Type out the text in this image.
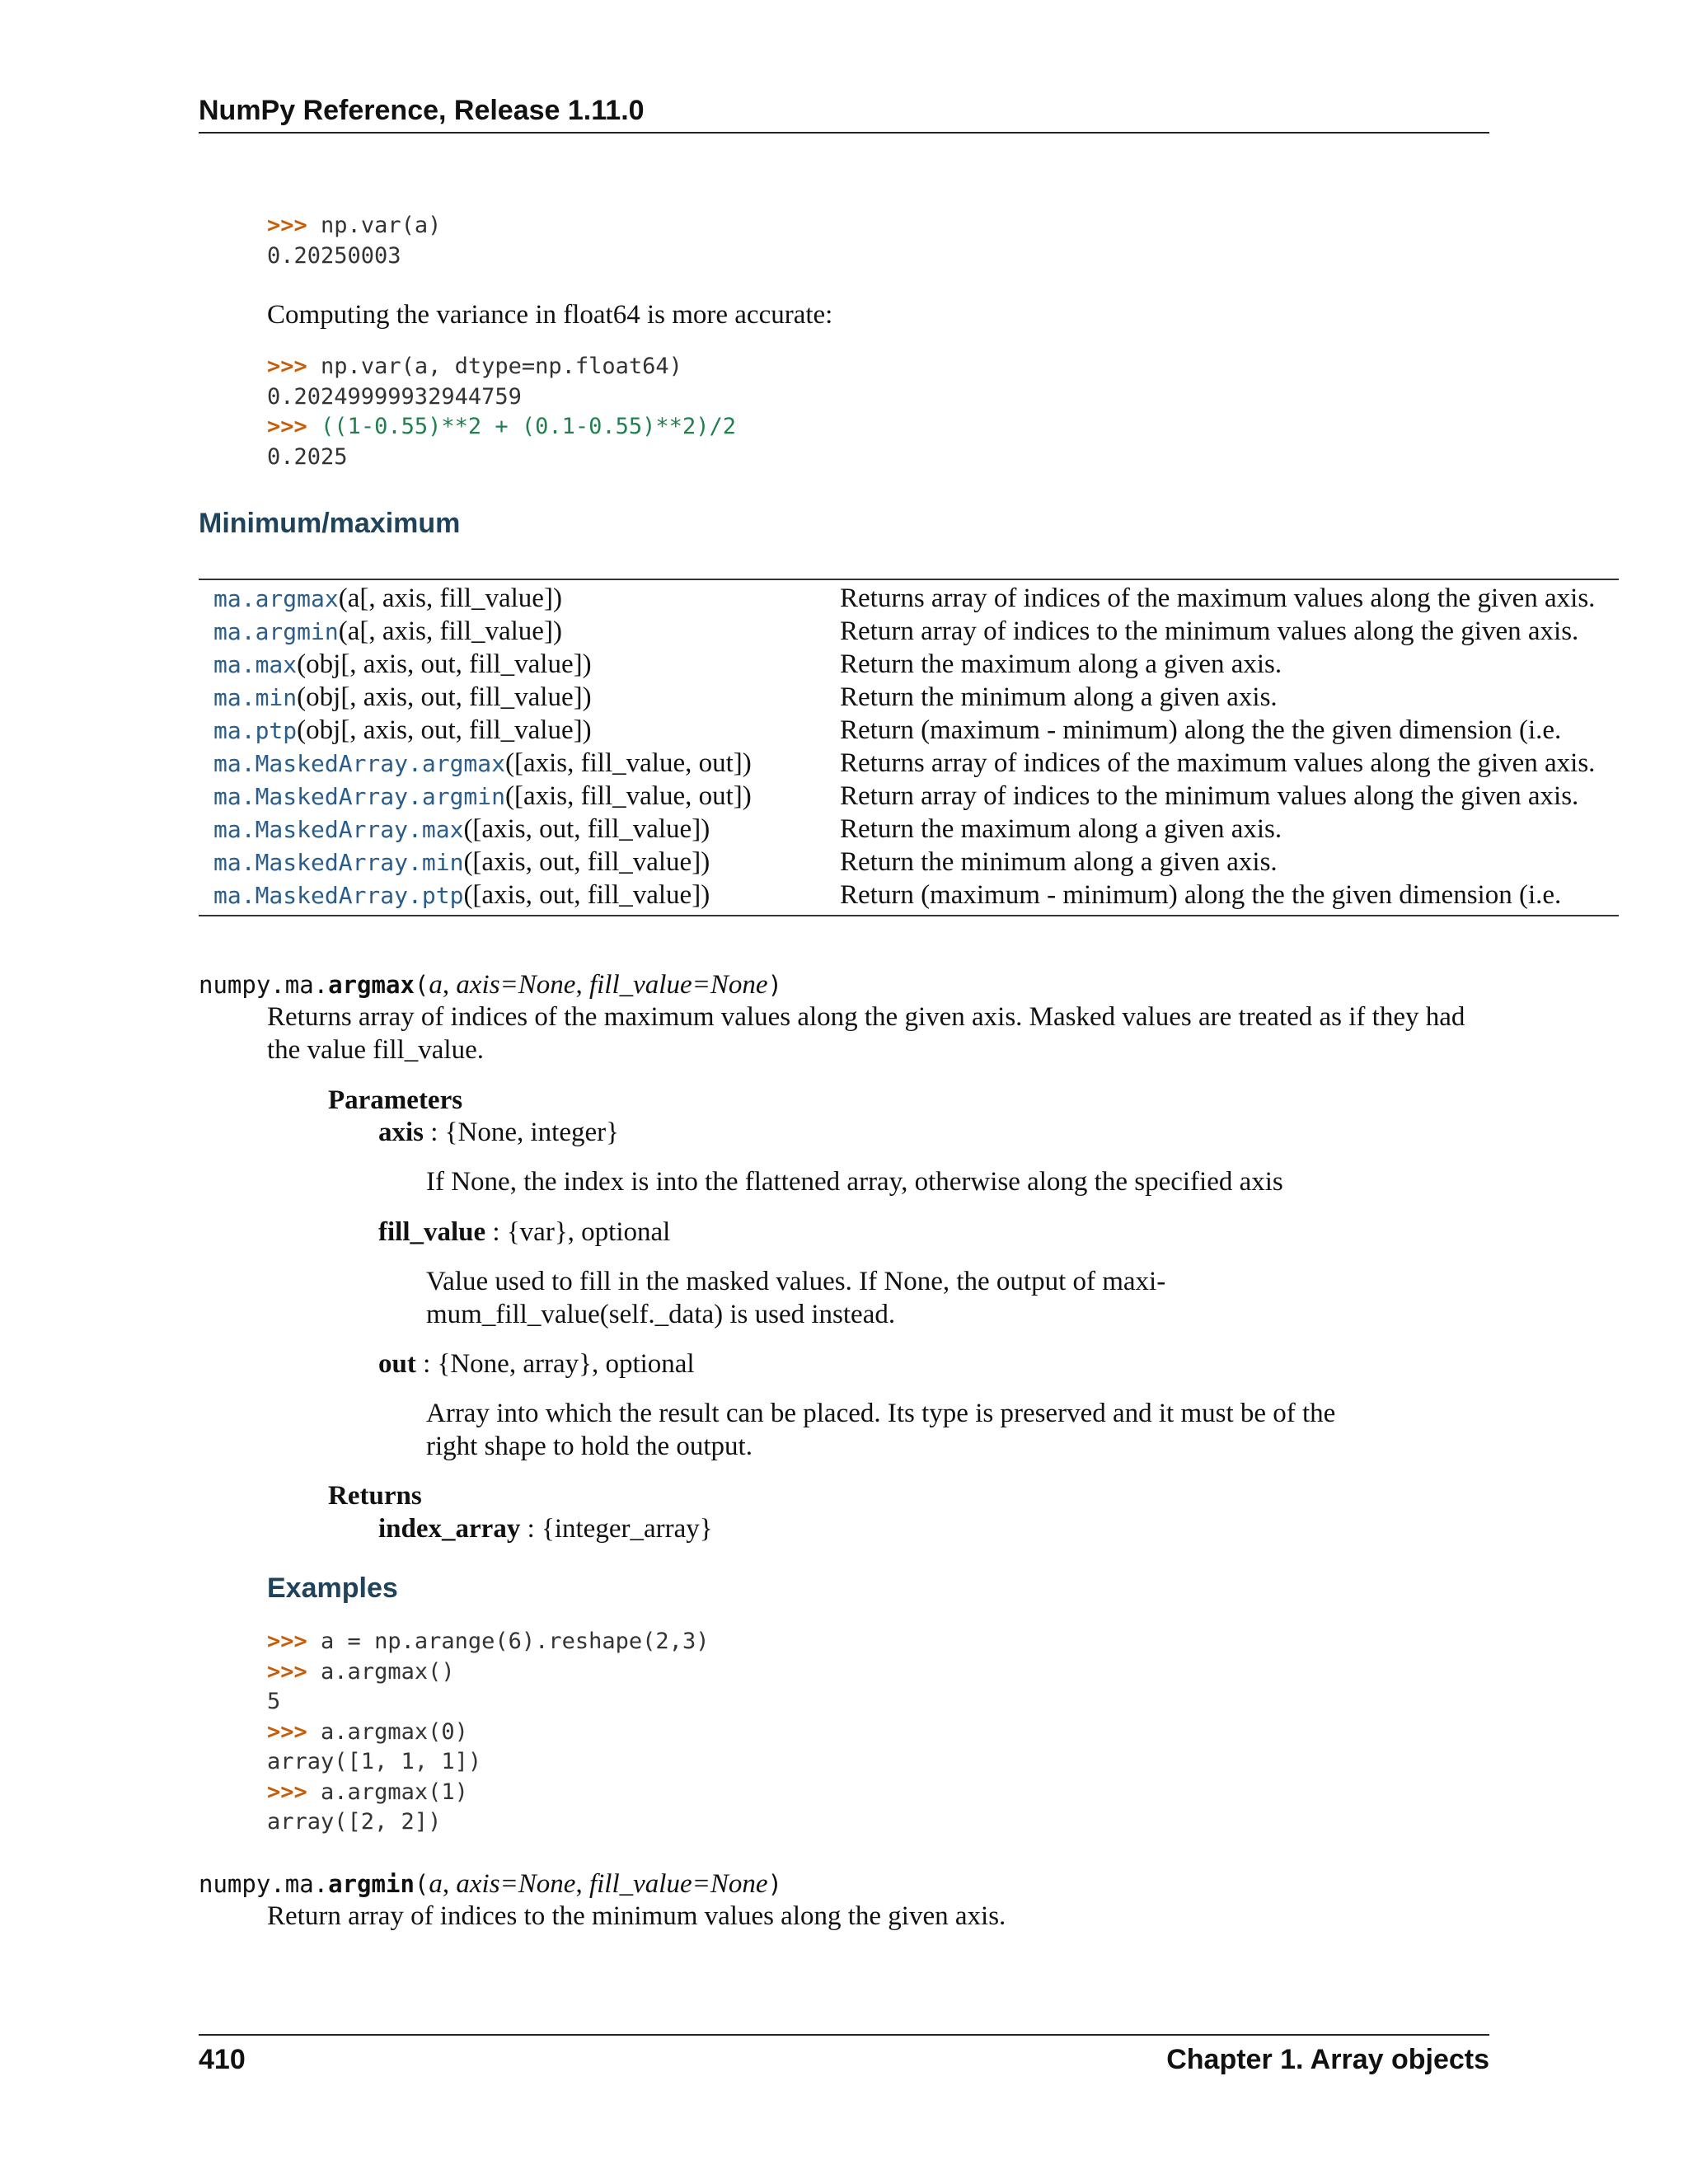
NumPy Reference, Release 1.11.0
>>> np.var(a)
0.20250003
Computing the variance in float64 is more accurate:
>>> np.var(a, dtype=np.float64)
0.20249999932944759
>>> ((1-0.55)**2 + (0.1-0.55)**2)/2
0.2025
Minimum/maximum
ma.argmax(a[, axis, fill_value])	Returns array of indices of the maximum values along the given axis.
ma.argmin(a[, axis, fill_value])	Return array of indices to the minimum values along the given axis.
ma.max(obj[, axis, out, fill_value])	Return the maximum along a given axis.
ma.min(obj[, axis, out, fill_value])	Return the minimum along a given axis.
ma.ptp(obj[, axis, out, fill_value])	Return (maximum - minimum) along the the given dimension (i.e.
ma.MaskedArray.argmax([axis, fill_value, out])	Returns array of indices of the maximum values along the given axis.
ma.MaskedArray.argmin([axis, fill_value, out])	Return array of indices to the minimum values along the given axis.
ma.MaskedArray.max([axis, out, fill_value])	Return the maximum along a given axis.
ma.MaskedArray.min([axis, out, fill_value])	Return the minimum along a given axis.
ma.MaskedArray.ptp([axis, out, fill_value])	Return (maximum - minimum) along the the given dimension (i.e.
numpy.ma.argmax(a, axis=None, fill_value=None)
Returns array of indices of the maximum values along the given axis. Masked values are treated as if they had
the value fill_value.
Parameters
axis : {None, integer}
If None, the index is into the flattened array, otherwise along the specified axis
fill_value : {var}, optional
Value used to fill in the masked values. If None, the output of maxi-
mum_fill_value(self._data) is used instead.
out : {None, array}, optional
Array into which the result can be placed. Its type is preserved and it must be of the
right shape to hold the output.
Returns
index_array : {integer_array}
Examples
>>> a = np.arange(6).reshape(2,3)
>>> a.argmax()
5
>>> a.argmax(0)
array([1, 1, 1])
>>> a.argmax(1)
array([2, 2])
numpy.ma.argmin(a, axis=None, fill_value=None)
Return array of indices to the minimum values along the given axis.
410	Chapter 1. Array objects
